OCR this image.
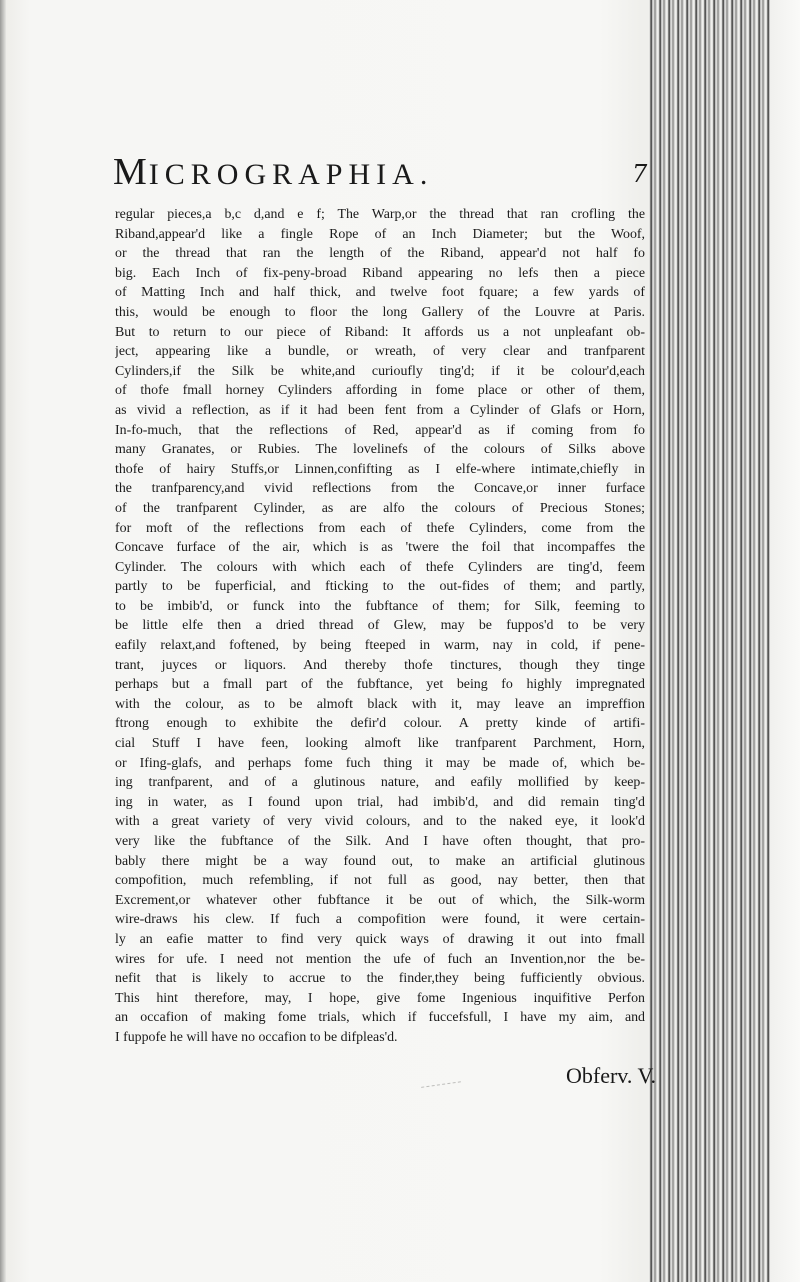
MICROGRAPHIA.	7
regular pieces,a b,c d,and e f; The Warp,or the thread that ran crofling the
Riband,appear'd like a fingle Rope of an Inch Diameter; but the Woof,
or the thread that ran the length of the Riband, appear'd not half fo
big. Each Inch of fix-peny-broad Riband appearing no lefs then a piece
of Matting Inch and half thick, and twelve foot fquare; a few yards of
this, would be enough to floor the long Gallery of the Louvre at Paris.
But to return to our piece of Riband: It affords us a not unpleafant ob-
ject, appearing like a bundle, or wreath, of very clear and tranfparent
Cylinders,if the Silk be white,and curioufly ting'd; if it be colour'd,each
of thofe fmall horney Cylinders affording in fome place or other of them,
as vivid a reflection, as if it had been fent from a Cylinder of Glafs or Horn,
In-fo-much, that the reflections of Red, appear'd as if coming from fo
many Granates, or Rubies. The lovelinefs of the colours of Silks above
thofe of hairy Stuffs,or Linnen,confifting as I elfe-where intimate,chiefly in
the tranfparency,and vivid reflections from the Concave,or inner furface
of the tranfparent Cylinder, as are alfo the colours of Precious Stones;
for moft of the reflections from each of thefe Cylinders, come from the
Concave furface of the air, which is as 'twere the foil that incompaffes the
Cylinder. The colours with which each of thefe Cylinders are ting'd, feem
partly to be fuperficial, and fticking to the out-fides of them; and partly,
to be imbib'd, or funck into the fubftance of them; for Silk, feeming to
be little elfe then a dried thread of Glew, may be fuppos'd to be very
eafily relaxt,and foftened, by being fteeped in warm, nay in cold, if pene-
trant, juyces or liquors. And thereby thofe tinctures, though they tinge
perhaps but a fmall part of the fubftance, yet being fo highly impregnated
with the colour, as to be almoft black with it, may leave an impreffion
ftrong enough to exhibite the defir'd colour. A pretty kinde of artifi-
cial Stuff I have feen, looking almoft like tranfparent Parchment, Horn,
or Ifing-glafs, and perhaps fome fuch thing it may be made of, which be-
ing tranfparent, and of a glutinous nature, and eafily mollified by keep-
ing in water, as I found upon trial, had imbib'd, and did remain ting'd
with a great variety of very vivid colours, and to the naked eye, it look'd
very like the fubftance of the Silk. And I have often thought, that pro-
bably there might be a way found out, to make an artificial glutinous
compofition, much refembling, if not full as good, nay better, then that
Excrement,or whatever other fubftance it be out of which, the Silk-worm
wire-draws his clew. If fuch a compofition were found, it were certain-
ly an eafie matter to find very quick ways of drawing it out into fmall
wires for ufe. I need not mention the ufe of fuch an Invention,nor the be-
nefit that is likely to accrue to the finder,they being fufficiently obvious.
This hint therefore, may, I hope, give fome Ingenious inquifitive Perfon
an occafion of making fome trials, which if fuccefsfull, I have my aim, and
I fuppofe he will have no occafion to be difpleas'd.
Obferv. V.
